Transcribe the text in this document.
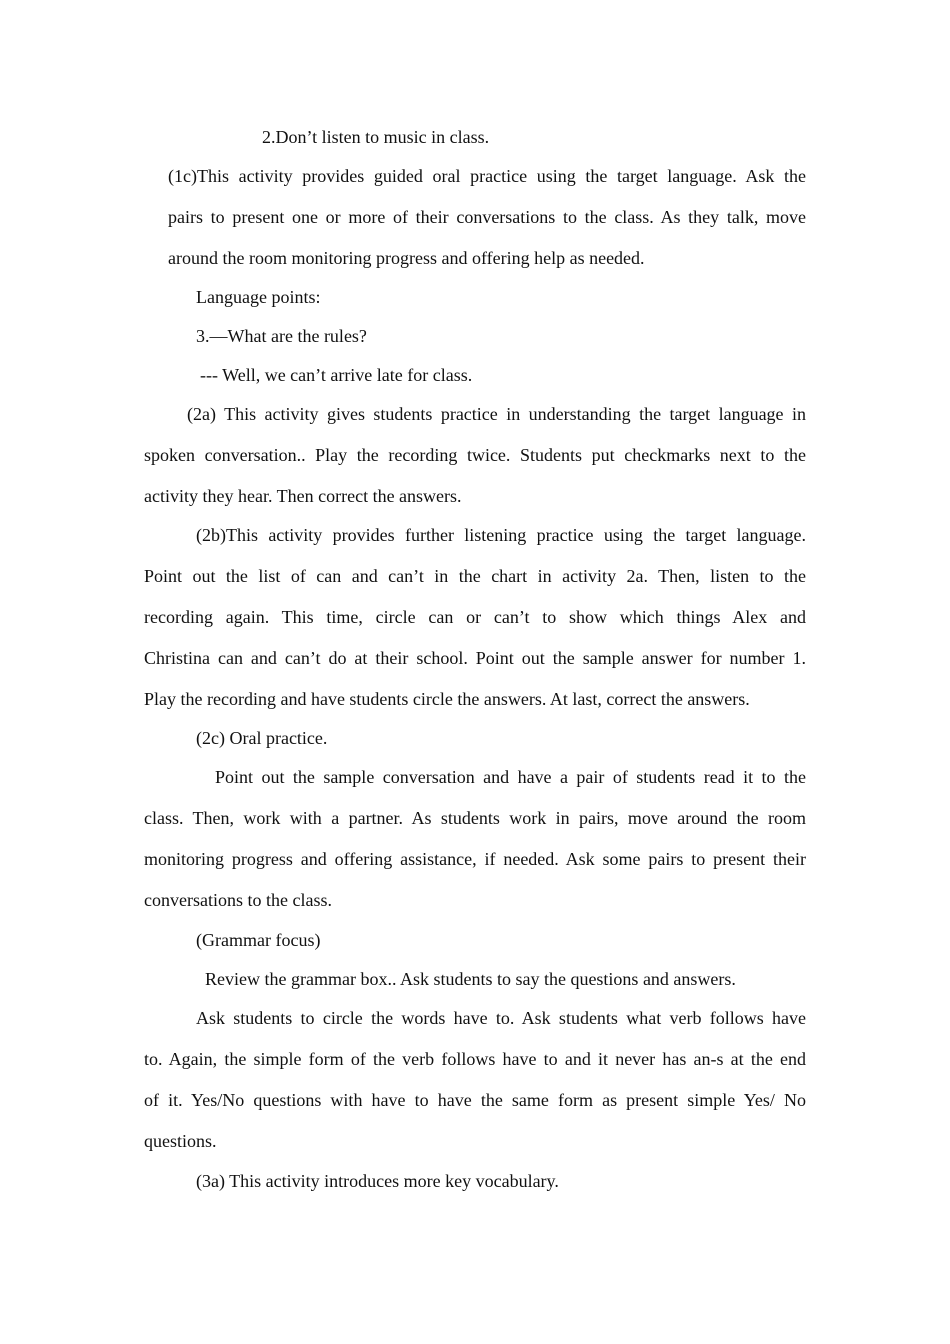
2.Don’t listen to music in class.
(1c)This activity provides guided oral practice using the target language. Ask the
pairs to present one or more of their conversations to the class. As they talk, move
around the room monitoring progress and offering help as needed.
Language points:
3.—What are the rules?
--- Well, we can’t arrive late for class.
(2a) This activity gives students practice in understanding the target language in
spoken conversation.. Play the recording twice. Students put checkmarks next to the
activity they hear. Then correct the answers.
(2b)This activity provides further listening practice using the target language.
Point out the list of can and can’t in the chart in activity 2a. Then, listen to the
recording again. This time, circle can or can’t to show which things Alex and
Christina can and can’t do at their school. Point out the sample answer for number 1.
Play the recording and have students circle the answers. At last, correct the answers.
(2c) Oral practice.
Point out the sample conversation and have a pair of students read it to the
class. Then, work with a partner. As students work in pairs, move around the room
monitoring progress and offering assistance, if needed. Ask some pairs to present their
conversations to the class.
(Grammar focus)
Review the grammar box.. Ask students to say the questions and answers.
Ask students to circle the words have to. Ask students what verb follows have
to. Again, the simple form of the verb follows have to and it never has an-s at the end
of it. Yes/No questions with have to have the same form as present simple Yes/ No
questions.
(3a) This activity introduces more key vocabulary.
